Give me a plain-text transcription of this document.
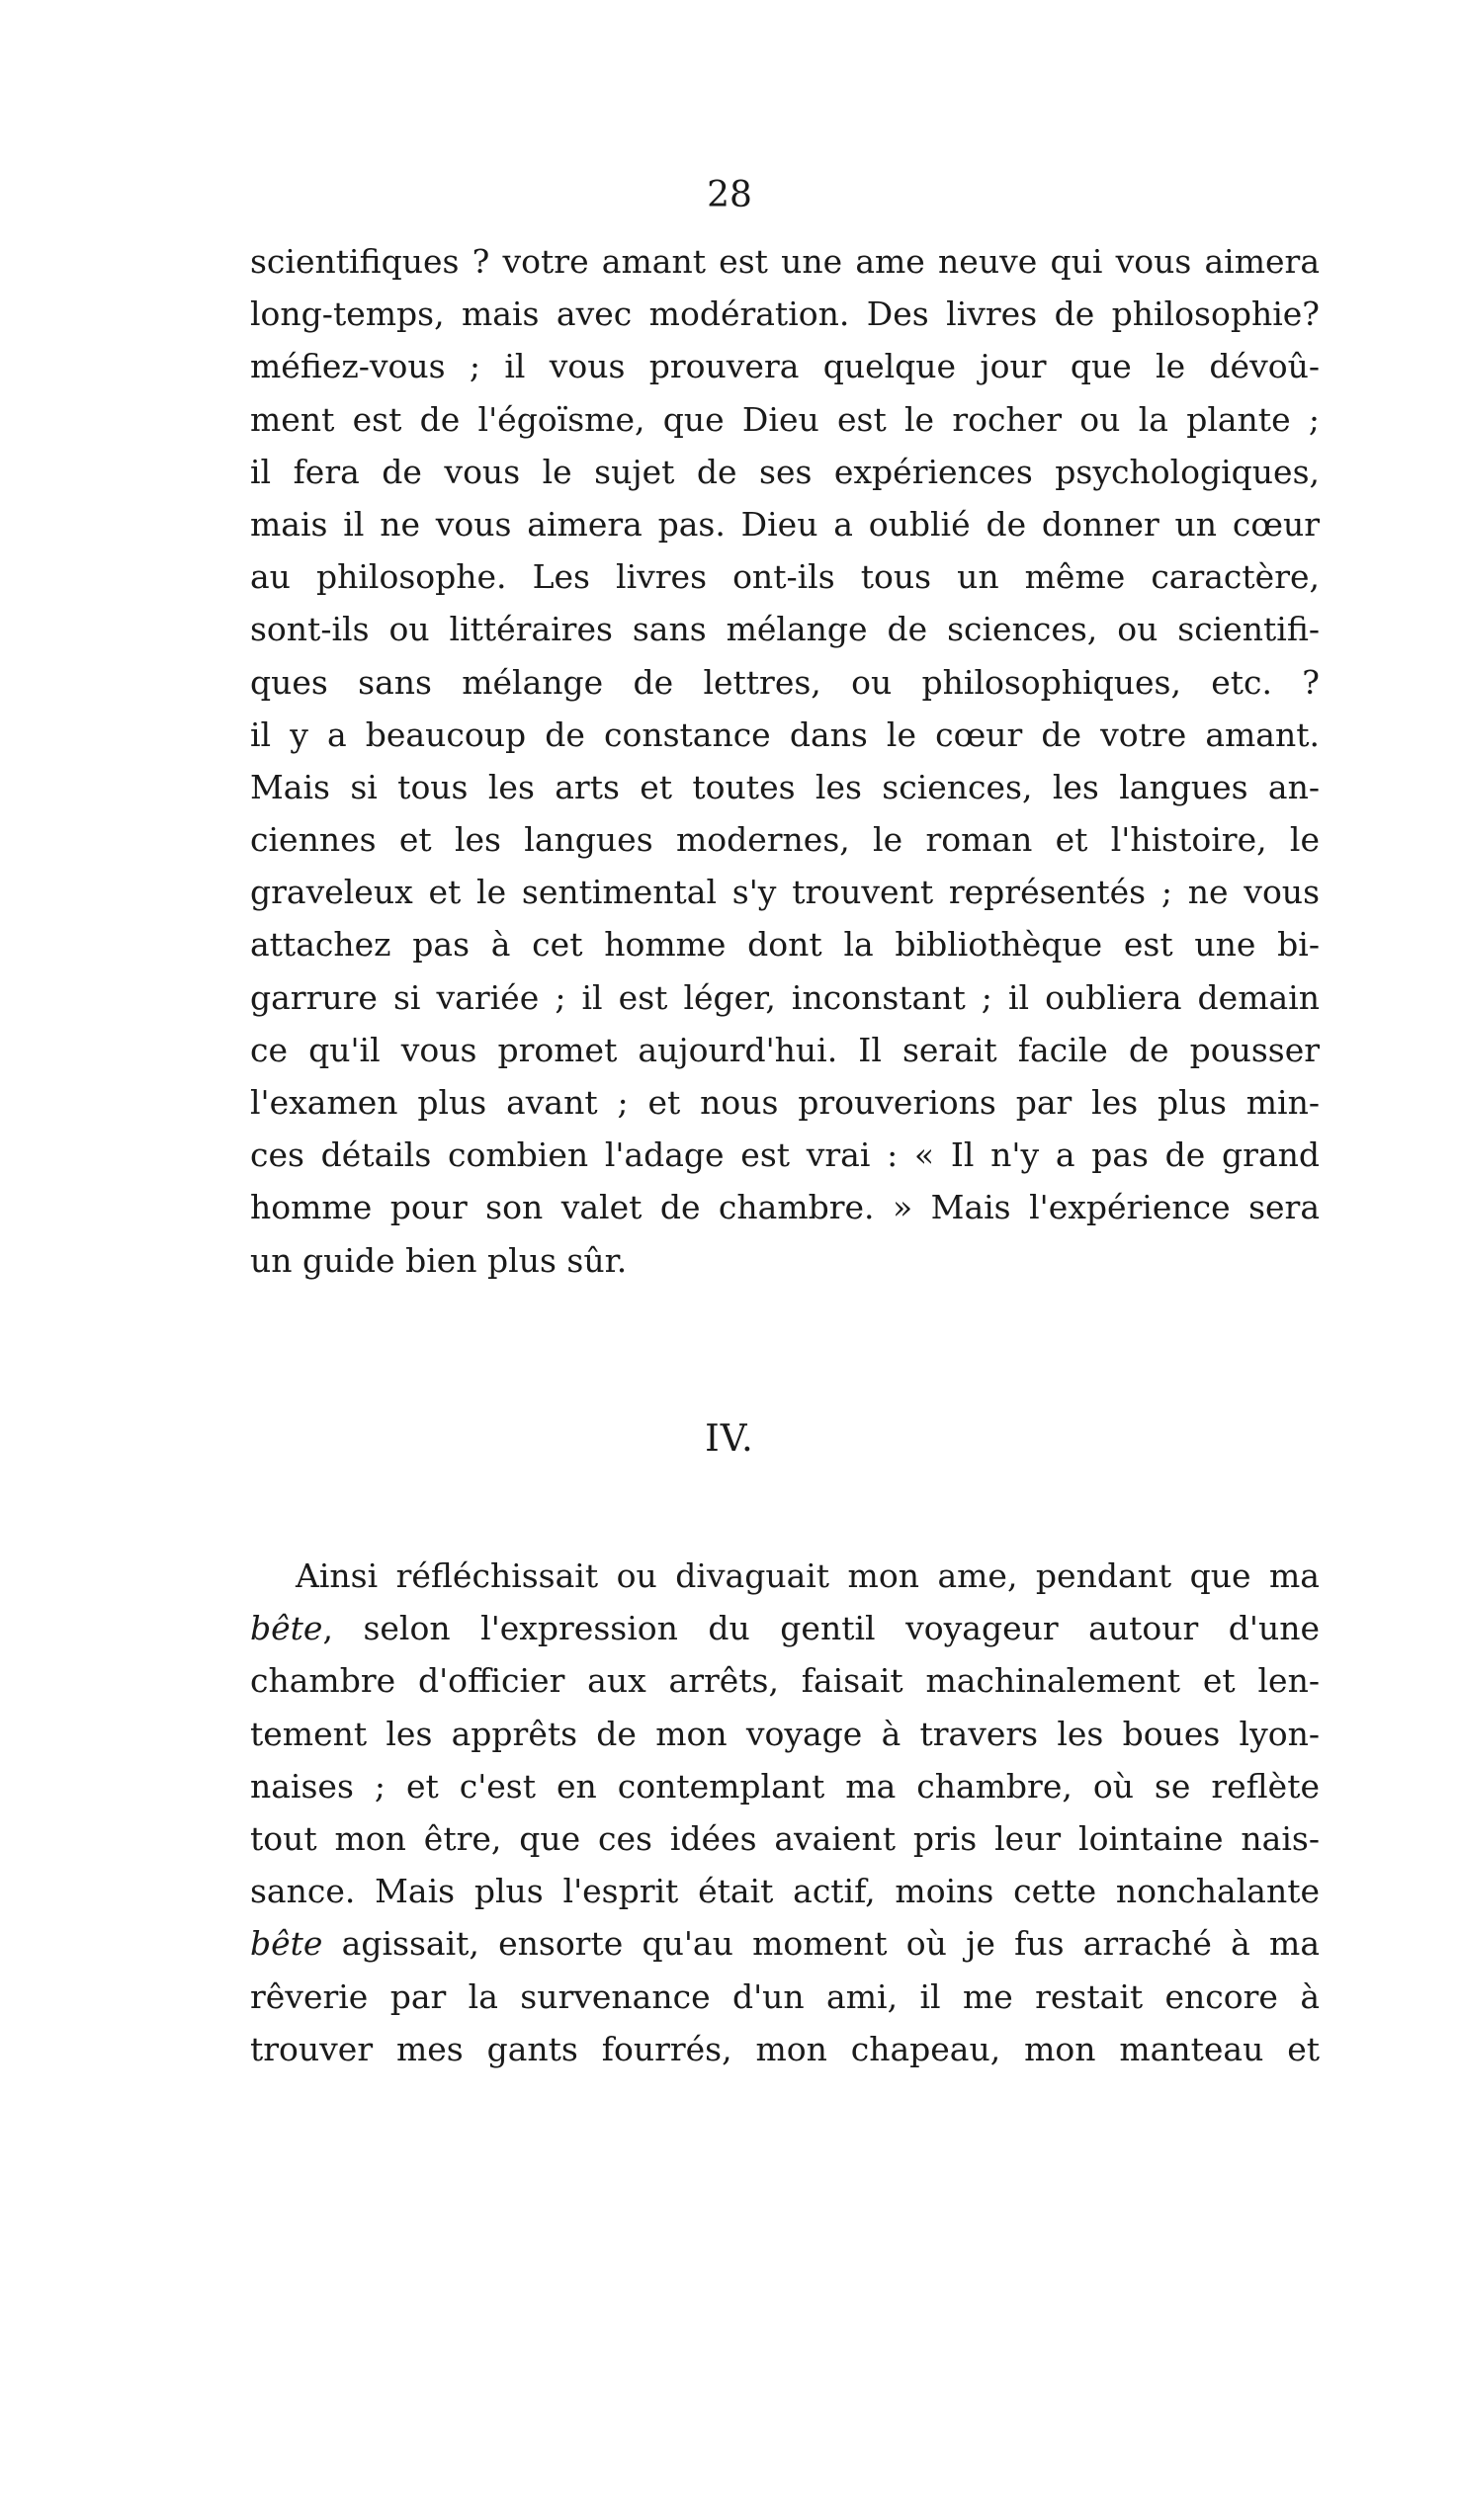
28
scientifiques ? votre amant est une ame neuve qui vous aimera
long-temps, mais avec modération. Des livres de philosophie?
méfiez-vous ; il vous prouvera quelque jour que le dévoû-
ment est de l'égoïsme, que Dieu est le rocher ou la plante ;
il fera de vous le sujet de ses expériences psychologiques,
mais il ne vous aimera pas. Dieu a oublié de donner un cœur
au philosophe. Les livres ont-ils tous un même caractère,
sont-ils ou littéraires sans mélange de sciences, ou scientifi-
ques sans mélange de lettres, ou philosophiques, etc. ?
il y a beaucoup de constance dans le cœur de votre amant.
Mais si tous les arts et toutes les sciences, les langues an-
ciennes et les langues modernes, le roman et l'histoire, le
graveleux et le sentimental s'y trouvent représentés ; ne vous
attachez pas à cet homme dont la bibliothèque est une bi-
garrure si variée ; il est léger, inconstant ; il oubliera demain
ce qu'il vous promet aujourd'hui. Il serait facile de pousser
l'examen plus avant ; et nous prouverions par les plus min-
ces détails combien l'adage est vrai : « Il n'y a pas de grand
homme pour son valet de chambre. » Mais l'expérience sera
un guide bien plus sûr.
IV.
Ainsi réfléchissait ou divaguait mon ame, pendant que ma
bête, selon l'expression du gentil voyageur autour d'une
chambre d'officier aux arrêts, faisait machinalement et len-
tement les apprêts de mon voyage à travers les boues lyon-
naises ; et c'est en contemplant ma chambre, où se reflète
tout mon être, que ces idées avaient pris leur lointaine nais-
sance. Mais plus l'esprit était actif, moins cette nonchalante
bête agissait, ensorte qu'au moment où je fus arraché à ma
rêverie par la survenance d'un ami, il me restait encore à
trouver mes gants fourrés, mon chapeau, mon manteau et
